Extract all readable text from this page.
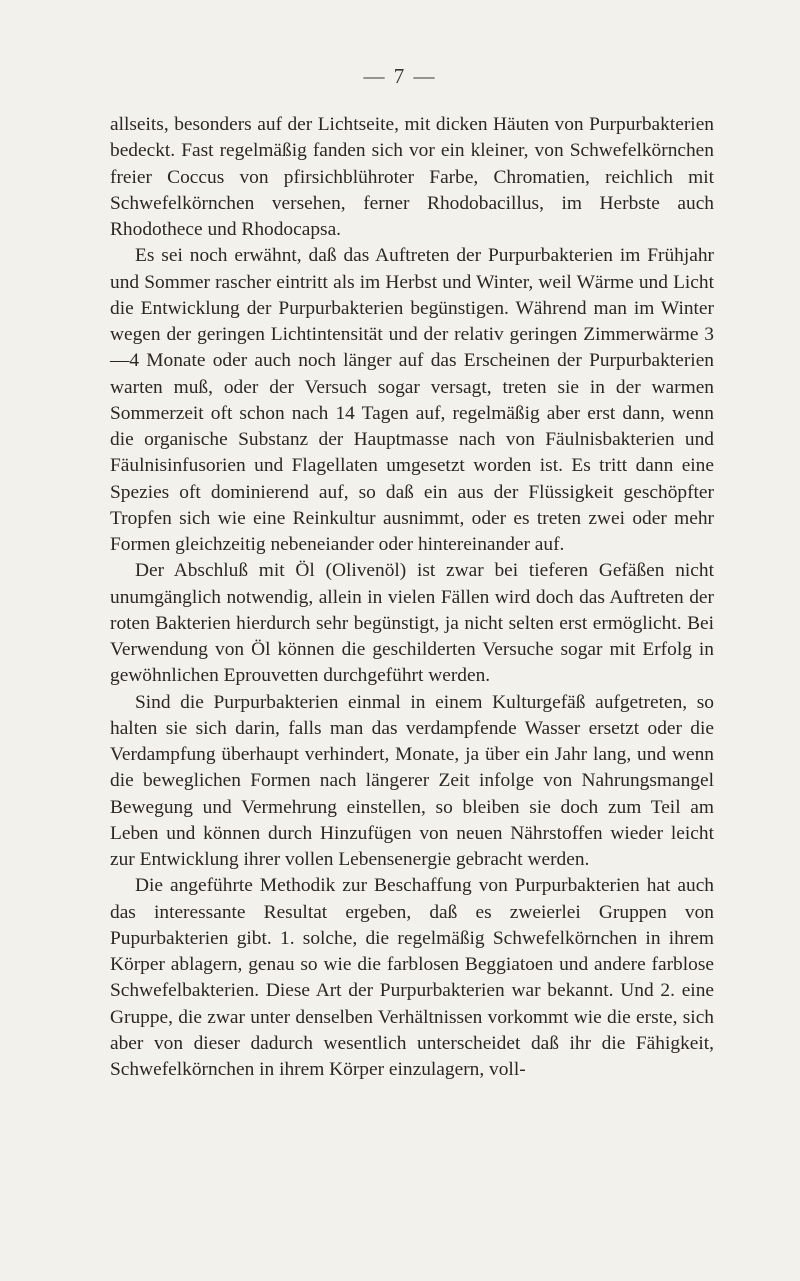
— 7 —

allseits, besonders auf der Lichtseite, mit dicken Häuten von Purpurbakterien bedeckt. Fast regelmäßig fanden sich vor ein kleiner, von Schwefelkörnchen freier Coccus von pfirsichblühroter Farbe, Chromatien, reichlich mit Schwefelkörnchen versehen, ferner Rhodobacillus, im Herbste auch Rhodothece und Rhodocapsa.

Es sei noch erwähnt, daß das Auftreten der Purpurbakterien im Frühjahr und Sommer rascher eintritt als im Herbst und Winter, weil Wärme und Licht die Entwicklung der Purpurbakterien begünstigen. Während man im Winter wegen der geringen Lichtintensität und der relativ geringen Zimmerwärme 3—4 Monate oder auch noch länger auf das Erscheinen der Purpurbakterien warten muß, oder der Versuch sogar versagt, treten sie in der warmen Sommerzeit oft schon nach 14 Tagen auf, regelmäßig aber erst dann, wenn die organische Substanz der Hauptmasse nach von Fäulnisbakterien und Fäulnisinfusorien und Flagellaten umgesetzt worden ist. Es tritt dann eine Spezies oft dominierend auf, so daß ein aus der Flüssigkeit geschöpfter Tropfen sich wie eine Reinkultur ausnimmt, oder es treten zwei oder mehr Formen gleichzeitig nebeneiander oder hintereinander auf.

Der Abschluß mit Öl (Olivenöl) ist zwar bei tieferen Gefäßen nicht unumgänglich notwendig, allein in vielen Fällen wird doch das Auftreten der roten Bakterien hierdurch sehr begünstigt, ja nicht selten erst ermöglicht. Bei Verwendung von Öl können die geschilderten Versuche sogar mit Erfolg in gewöhnlichen Eprouvetten durchgeführt werden.

Sind die Purpurbakterien einmal in einem Kulturgefäß aufgetreten, so halten sie sich darin, falls man das verdampfende Wasser ersetzt oder die Verdampfung überhaupt verhindert, Monate, ja über ein Jahr lang, und wenn die beweglichen Formen nach längerer Zeit infolge von Nahrungsmangel Bewegung und Vermehrung einstellen, so bleiben sie doch zum Teil am Leben und können durch Hinzufügen von neuen Nährstoffen wieder leicht zur Entwicklung ihrer vollen Lebensenergie gebracht werden.

Die angeführte Methodik zur Beschaffung von Purpurbakterien hat auch das interessante Resultat ergeben, daß es zweierlei Gruppen von Pupurbakterien gibt. 1. solche, die regelmäßig Schwefelkörnchen in ihrem Körper ablagern, genau so wie die farblosen Beggiatoen und andere farblose Schwefelbakterien. Diese Art der Purpurbakterien war bekannt. Und 2. eine Gruppe, die zwar unter denselben Verhältnissen vorkommt wie die erste, sich aber von dieser dadurch wesentlich unterscheidet daß ihr die Fähigkeit, Schwefelkörnchen in ihrem Körper einzulagern, voll-
